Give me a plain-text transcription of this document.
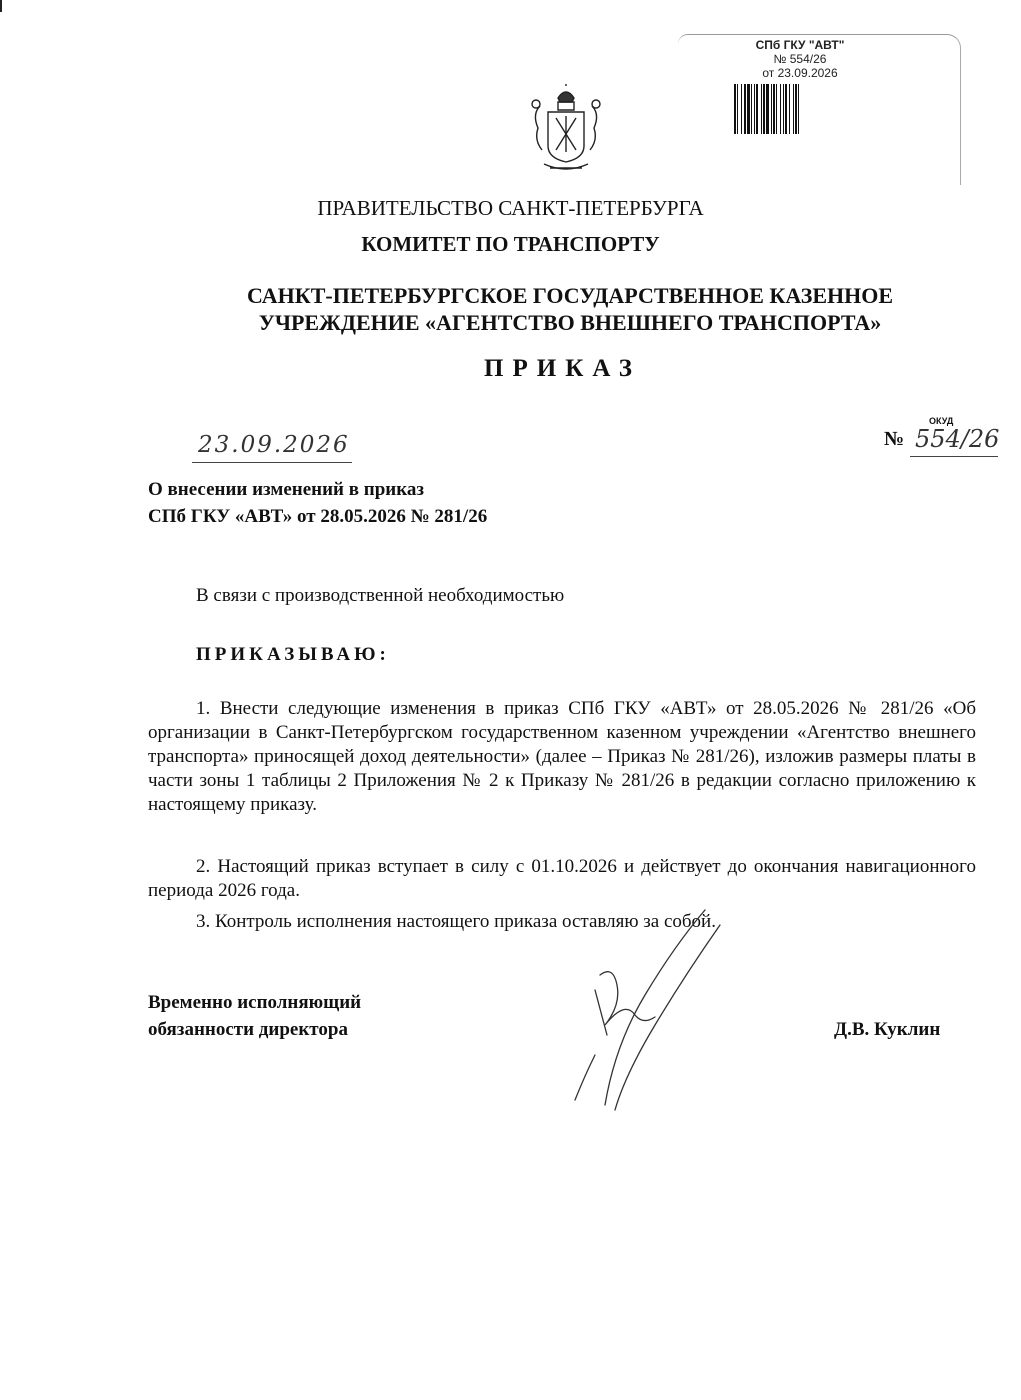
СПб ГКУ "АВТ"
№ 554/26
от 23.09.2026
ПРАВИТЕЛЬСТВО САНКТ-ПЕТЕРБУРГА
КОМИТЕТ ПО ТРАНСПОРТУ
САНКТ-ПЕТЕРБУРГСКОЕ ГОСУДАРСТВЕННОЕ КАЗЕННОЕ
УЧРЕЖДЕНИЕ «АГЕНТСТВО ВНЕШНЕГО ТРАНСПОРТА»
ПРИКАЗ
23.09.2026
ОКУД
№ 554/26
О внесении изменений в приказ
СПб ГКУ «АВТ» от 28.05.2026 № 281/26
В связи с производственной необходимостью
ПРИКАЗЫВАЮ:

1. Внести следующие изменения в приказ СПб ГКУ «АВТ» от 28.05.2026 № 281/26 «Об организации в Санкт-Петербургском государственном казенном учреждении «Агентство внешнего транспорта» приносящей доход деятельности» (далее – Приказ № 281/26), изложив размеры платы в части зоны 1 таблицы 2 Приложения № 2 к Приказу № 281/26 в редакции согласно приложению к настоящему приказу.

2. Настоящий приказ вступает в силу с 01.10.2026 и действует до окончания навигационного периода 2026 года.

3. Контроль исполнения настоящего приказа оставляю за собой.

Временно исполняющий
обязанности директора	Д.В. Куклин
